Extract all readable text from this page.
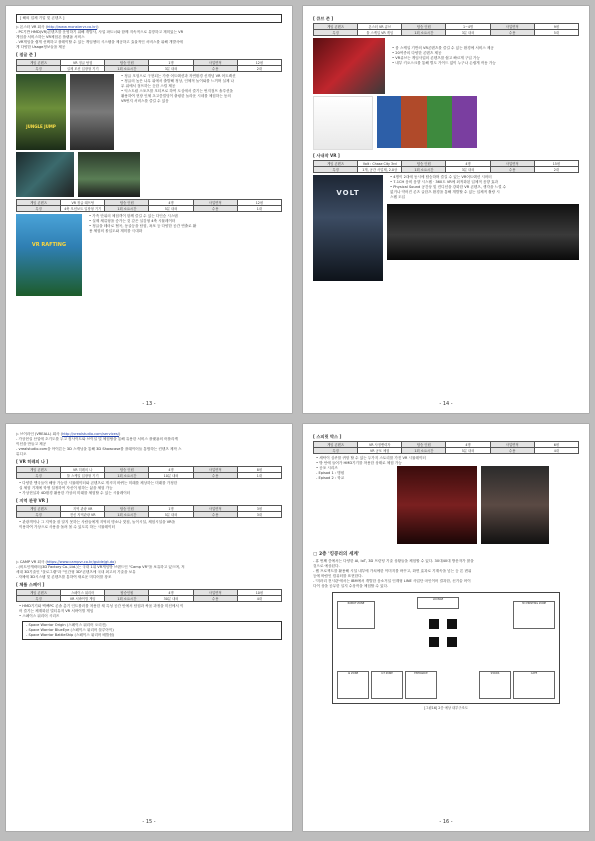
[ 해외 업체 기업 및 콘텐츠 ]

▷ 몬스터 VR 회사 (http://www.monstervr.co.kr/)

- PC기반 HMD(VR)콘텐츠를 운영하기 위해 개발사, 사업 파트너와 함께 지속적으로 유망하고 재미있는 VR

게임을 서비스하는 VR체험존 플랫폼 서비스

- VR게임을 쉽게 선택하고 플레이할 수 있는 게임센터 시스템을 제공하고 효율적인 서비스를 위해 개발사에

게 다양한 Usage정보들을 제공

[ 점글 준 ]

게임 콘텐츠	VR 정글 탐험	탑승 인원	1명	사업면적	12평
특징	실제 모션 입장형 기기	1회 소요시간	3분 내외	수용	2대
JUNGLE JUMP

• 정글 모험으로 구현되는 가중 어트랙션과 자연환경 신개념 VR 어트랙션

• 정글의 높은 나무 위에서 출발해 정상, 인체적 놀이와를 느끼며 실제 나

무 위에서 점프하는 듯한 스릴 제공

• 익스트림 스포츠를 모티브로 하여 도심에서 즐기는 번지점프 솔루션을

활용하여 현장 인체 초고층빌딩이 출렁한 놀라운 시네를 체험하는 동의

VR번지 서비스를 즐길 수 있음

게임 콘텐츠	VR 정글 래프팅	탑승 인원	4명	사업면적	12평
특징	4축 모션보트 입장형 기기	1회 소요시간	5분 내외	수용	1대
VR RAFTING

• 가족 단위의 체험객이 함께 즐길 수 있는 다인승 시스템

• 실제 체류형을 증가는 것 같은 실감형 4축 시뮬레이터

• 정글을 테마로 협곡, 동굴등을 탐험, 폭포 등 다양한 공간 연출로 활

용 체험의 몰입도와 재미를 극대화

- 13 -

[ 큐브 존 ]

게임 콘텐츠	몬스터 VR 큐브	탑승 인원	1~4명	사업면적	9평
특징	툴 스케일 VR 게임	1회 소요시간	3분 내외	수용	5대

• 룸 스케일 기반의 VR콘텐츠를 즐길 수 있는 환경에 서비스 제공

• 20여종의 다양한 콘텐츠 제공

• VR큐브는 게임사업의 콘텐츠를 쉽고 빠르게 구입 가능

• 내부 키오스크를 통해 별도 가이드 없이 누구나 손쉽게 작동 가능

[ 사내작 VR ]

게임 콘텐츠	Volt : Chase City 3rd	탑승 인원	4명	사업면적	15평
특징	1개, 공간 사업제, 2.0상	1회 소요시간	3분 내외	수용	2대
VOLT

• 4명이 2대에 동시에 탑승하며 즐길 수 있는 VR어트랙션 시어터

• 7.1CH 음비 음향 시스템 · 360도 VR에 최적화된 입체적 음향 효과

• Physical Sound 공간상 및 컨디션을 강화한 VR 콘텐츠, 생각을 느낄 수

없거나 약어진 콘츠 글한츠 환경을 통해 개발할 수 있는 입체적 촬랑 시

스템 도입

- 14 -

▷ 브이라인 (VREALL) 회사 (http://vrealstudio.com/services/)

- 가상현실 산업에 초기도를 두고 컴사이트와 브이일 및 체험쌍을 통해 유용한 서비스 플랫폼의 어플리케

이션을 만들고 제공

- vrealstudio.com을 아이튼는 3D 스캐닝을 통해 3D Showcase를 플래이어들 통합하는 컨텐츠 제작 스

튜디오

[ VR 히레의 나 ]

게임 콘텐츠	VR 히레의 나	탑승 인원	4명	사업면적	8평
특징	툴 스케일 입장형 기기	1회 소요시간	10분 내외	수용	1대

• 다양한 엔국들이 해당 가능한 시뮬레이터와 콘텐츠로 게시미 바뀌는 미래를 체상하는 미래를 가정한

실 체험 기계에 학생 설정하여 자신이 원하는 삶을 체험 가능

• 가상현실과 4D환경 활용한 가상의 미래를 체험할 수 있는 시뮬레이터

[ 지역 관광 VR ]

게임 콘텐츠	지역 관광 VR	탑승 인원	1명	사업면적	3평
특징	전신 지역관광 VR	1회 소요시간	5분 내외	수용	3대

• 관광객이나 그 지역을 잘 알지 못하는 사람들에게 지역의 명소나 맛집, 놀이시설, 체험시설을 VR을

이용하여 가상으로 사용을 돌려 볼 수 있도록 하는 시뮬레이터

▷ CAMP VR 회사 (https://www.campvr.co.kr/guide/gt.do)

- (비트인캐릭터(3D Factory Co.,Ltd.)는 국내 1위 VR게임방 브랜드인 "Camp VR"을 보유하고 있으며, 저

세대 3D기술인 "홀로그램"과 "인간형 3D"콘텐츠에 국내 최고의 기술을 보유

- 자체에 3D시스템 및 콘텐츠를 통하여 새로운 미디어를 창조

[ 체틀 스페이 ]

게임 콘텐츠	스페이스 워리어	탑승인원	4명	사업면적	10평
특징	VR 서바이벌 게임	1회 소요시간	30분 내외	수용	4대

• HMD기기와 백팩PC 콘솔 총기 인트롤러를 착용한 채 특성 공간 안에서 탐험과 싸움 과정을 미션에서 이

어 즐기는 체계화된 멀티유저 VR 서바이벌 게임

• 스페이스 워리어 시리즈

- Space Warrior Origin (스페이스 워리어 오리진)

- Space Warrior BlueEye (스페이스 워리어 블루아이)

- Space Warrior BattleShip (스페이스 워리어 배틀쉽)

- 15 -

[ 스피릿 박스 ]

게임 콘텐츠	VR 사정밴력자	탑승 인원	4명	사업면적	6평
특징	VR 공포 체험	1회 소요시간	5분 내외	수용	4대

• 세탁이 심쿠를 귀항 할 수 있는 두가지 스토리를 가진 VR 시뮬레이터

• 방 안에 들어가 HMD기기를 착용한 상태로 체험 가능

• 공포 시리즈

- Episod 1 : 병원

- Episod 2 : 학교

▢ 2층 '킹콩러의 세계'

- 휴 번째 층에서는 다양한 AI, IoT, 3D 프린팅 기술 상황들을 체험할 수 있다. 30대40대 방문자가 많을

것으로 예상된다.

- 웹 프로젝트를 활용해 시설 내부에 가치에한 이미지를 바꾸고, 화면 효과로 기계속을 넣는 등 톤 변위

등에 바람인 컴퓨터를 표현한다.

- '미러리 전시관'에서는 IBM에서 개발한 음소거일 인계형 LINE 사업단 마인이어 결과한, 신기술 어이

다이 상을 공무한 일지 수상작을 체험할 수 있다.

ROBOT ZONE	3D PRINTING ZONE
AI ZONE	IoT ZONE	ENTRANCE	STAIRS	CAFE
LOUNGE

[그림16] 2층 예상 내부구조도

- 16 -
